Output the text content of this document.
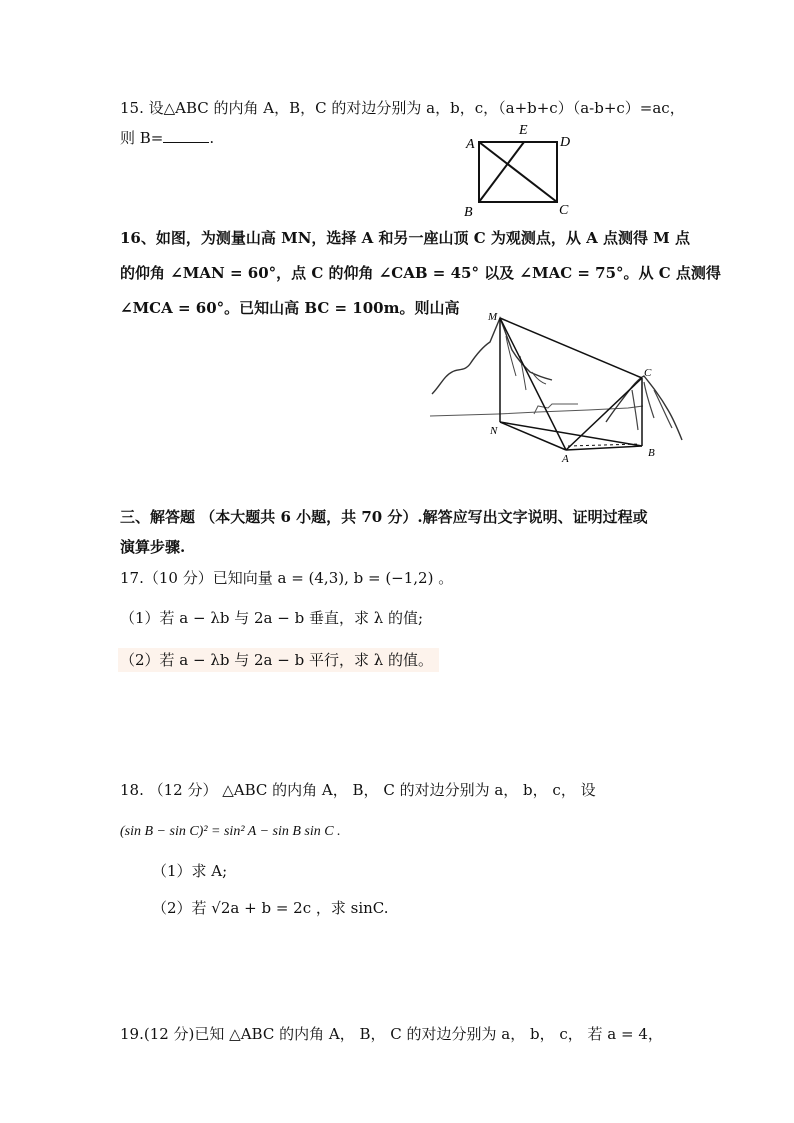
15. 设△ABC 的内角 A，B，C 的对边分别为 a，b，c，（a+b+c）（a-b+c）=ac，
则 B=	.	A
B	C
D
E
16、如图，为测量山高 MN，选择 A 和另一座山顶 C 为观测点，从 A 点测得 M 点
的仰角 ∠MAN = 60°，点 C 的仰角 ∠CAB = 45° 以及 ∠MAC = 75°。从 C 点测得
∠MCA = 60°。已知山高 BC = 100m。则山高	M
N
A	B
C
三、解答题 （本大题共 6 小题，共 70 分）.解答应写出文字说明、证明过程或
演算步骤.
17.（10 分）已知向量 a = (4,3), b = (−1,2) 。
（1）若 a − λb 与 2a − b 垂直，求 λ 的值;
（2）若 a − λb 与 2a − b 平行，求 λ 的值。
18. （12 分） △ABC 的内角 A， B， C 的对边分别为 a， b， c， 设
(sin B − sin C)² = sin² A − sin B sin C .
（1）求 A;
（2）若 √2a + b = 2c ，求 sinC.
19.(12 分)已知 △ABC 的内角 A， B， C 的对边分别为 a， b， c， 若 a = 4，
